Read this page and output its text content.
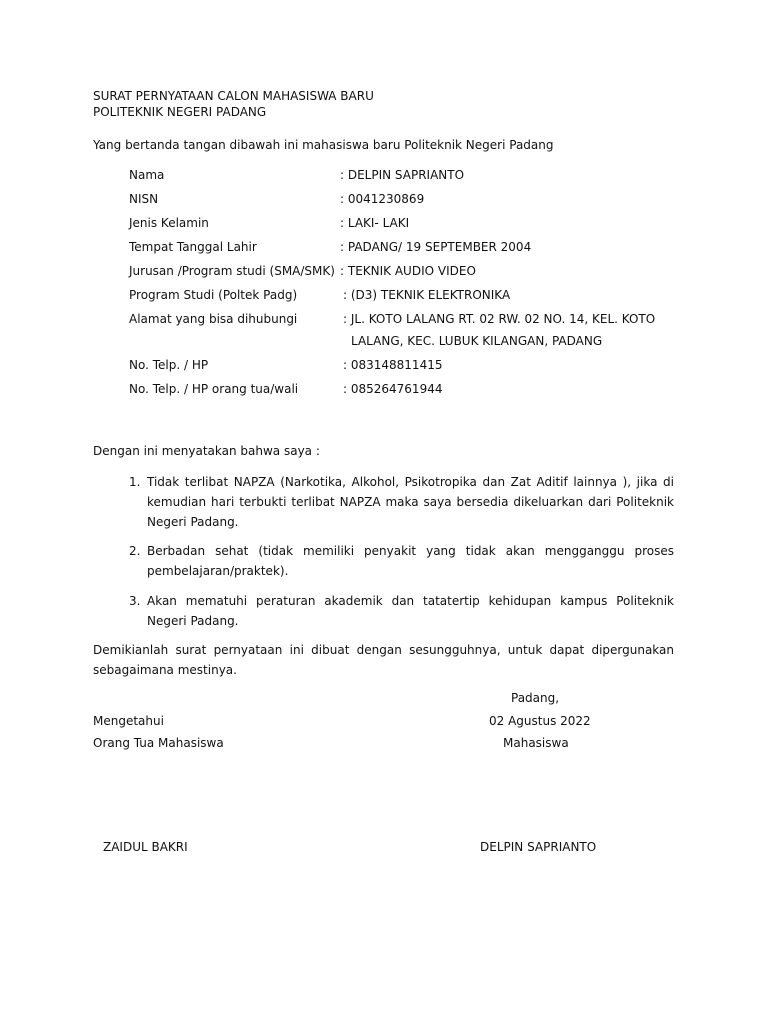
SURAT PERNYATAAN CALON MAHASISWA BARU
POLITEKNIK NEGERI PADANG
Yang bertanda tangan dibawah ini mahasiswa baru Politeknik Negeri Padang
Nama	: DELPIN SAPRIANTO
NISN	: 0041230869
Jenis Kelamin	: LAKI- LAKI
Tempat Tanggal Lahir	: PADANG/ 19 SEPTEMBER 2004
Jurusan /Program studi (SMA/SMK) : TEKNIK AUDIO VIDEO
Program Studi (Poltek Padg)	: (D3) TEKNIK ELEKTRONIKA
Alamat yang bisa dihubungi	: JL. KOTO LALANG RT. 02 RW. 02 NO. 14, KEL. KOTO
LALANG, KEC. LUBUK KILANGAN, PADANG
No. Telp. / HP	: 083148811415
No. Telp. / HP orang tua/wali	: 085264761944
Dengan ini menyatakan bahwa saya :
1. Tidak terlibat NAPZA (Narkotika, Alkohol, Psikotropika dan Zat Aditif lainnya ), jika di kemudian hari terbukti terlibat NAPZA maka saya bersedia dikeluarkan dari Politeknik Negeri Padang.
2. Berbadan sehat (tidak memiliki penyakit yang tidak akan mengganggu proses pembelajaran/praktek).
3. Akan mematuhi peraturan akademik dan tatatertip kehidupan kampus Politeknik Negeri Padang.
Demikianlah surat pernyataan ini dibuat dengan sesungguhnya, untuk dapat dipergunakan sebagaimana mestinya.
Padang,
Mengetahui	02 Agustus 2022
Orang Tua Mahasiswa	Mahasiswa
ZAIDUL BAKRI	DELPIN SAPRIANTO
